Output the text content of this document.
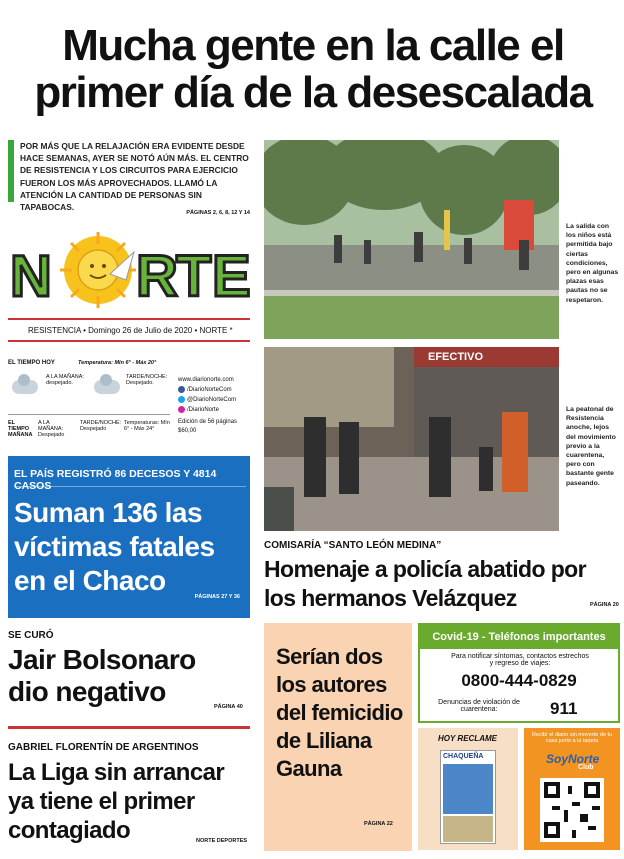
Mucha gente en la calle el primer día de la desescalada
POR MÁS QUE LA RELAJACIÓN ERA EVIDENTE DESDE HACE SEMANAS, AYER SE NOTÓ AÚN MÁS. EL CENTRO DE RESISTENCIA Y LOS CIRCUITOS PARA EJERCICIO FUERON LOS MÁS APROVECHADOS. LLAMÓ LA ATENCIÓN LA CANTIDAD DE PERSONAS SIN TAPABOCAS.
PÁGINAS 2, 6, 8, 12 Y 14
N R
T E
RESISTENCIA • Domingo 26 de Julio de 2020 • NORTE *
EL TIEMPO HOY	Temperatura: Mín 6° - Máx 20°
A LA MAÑANA: despejado.
TARDE/NOCHE: Despejado.
EL TIEMPO MAÑANA
A LA MAÑANA: Despejado
TARDE/NOCHE: Despejado
Temperaturas: Mín 6° - Máx 24°
www.diarionorte.com
/DiarioNorteCom
@DiarioNorteCom
/DiarioNorte
Edición de 56 páginas
$60,00
EL PAÍS REGISTRÓ 86 DECESOS Y 4814 CASOS
Suman 136 las víctimas fatales en el Chaco
PÁGINAS 27 Y 36
SE CURÓ
Jair Bolsonaro dio negativo	PÁGINA 40
GABRIEL FLORENTÍN DE ARGENTINOS
La Liga sin arrancar ya tiene el primer contagiado	NORTE DEPORTES
La salida con los niños está permitida bajo ciertas condiciones, pero en algunas plazas esas pautas no se respetaron.
EFECTIVO
La peatonal de Resistencia anoche, lejos del movimiento previo a la cuarentena, pero con bastante gente paseando.
COMISARÍA “SANTO LEÓN MEDINA”
Homenaje a policía abatido por los hermanos Velázquez	PÁGINA 20
Serían dos los autores del femicidio de Liliana Gauna
PÁGINA 22
Covid-19 - Teléfonos importantes
Para notificar síntomas, contactos estrechos y regreso de viajes:
0800-444-0829
Denuncias de violación de cuarentena:	911
HOY RECLAME
CHAQUEÑA
Recibí el diario sin moverte de tu casa junto a la tarjeta
SoyNorte
Club
